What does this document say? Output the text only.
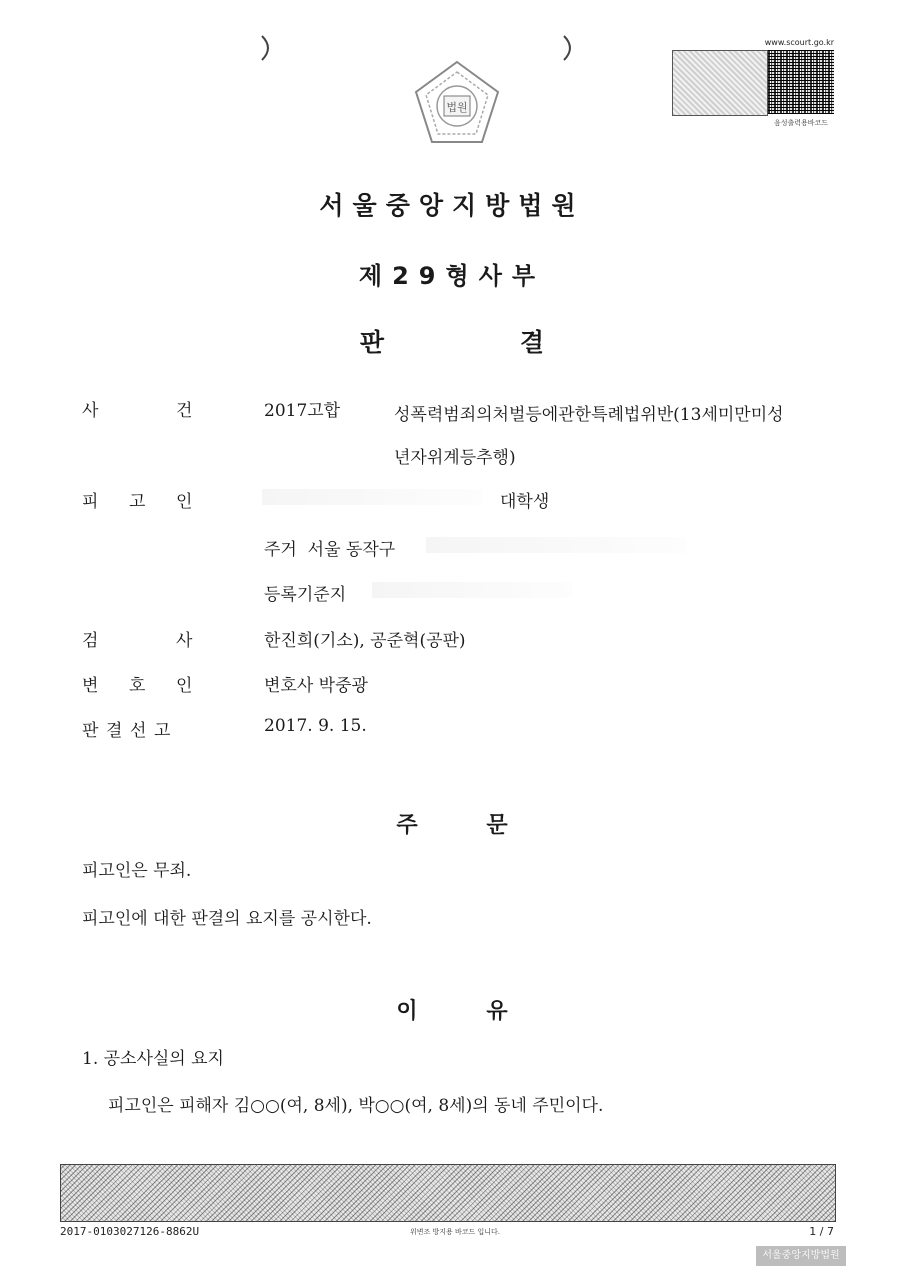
법원
www.scourt.go.kr
음성출력용바코드
서울중앙지방법원
제29형사부
판	결
사	건	2017고합	성폭력범죄의처벌등에관한특례법위반(13세미만미성
년자위계등추행)
피 고 인	대학생
주거  서울 동작구
등록기준지
검	사	한진희(기소), 공준혁(공판)
변 호 인	변호사 박중광
판 결 선 고	2017. 9. 15.
주	문
피고인은 무죄.
피고인에 대한 판결의 요지를 공시한다.
이	유
1. 공소사실의 요지
피고인은 피해자 김○○(여, 8세), 박○○(여, 8세)의 동네 주민이다.
2017-0103027126-8862U	위변조 방지용 바코드 입니다.	1 / 7
서울중앙지방법원
